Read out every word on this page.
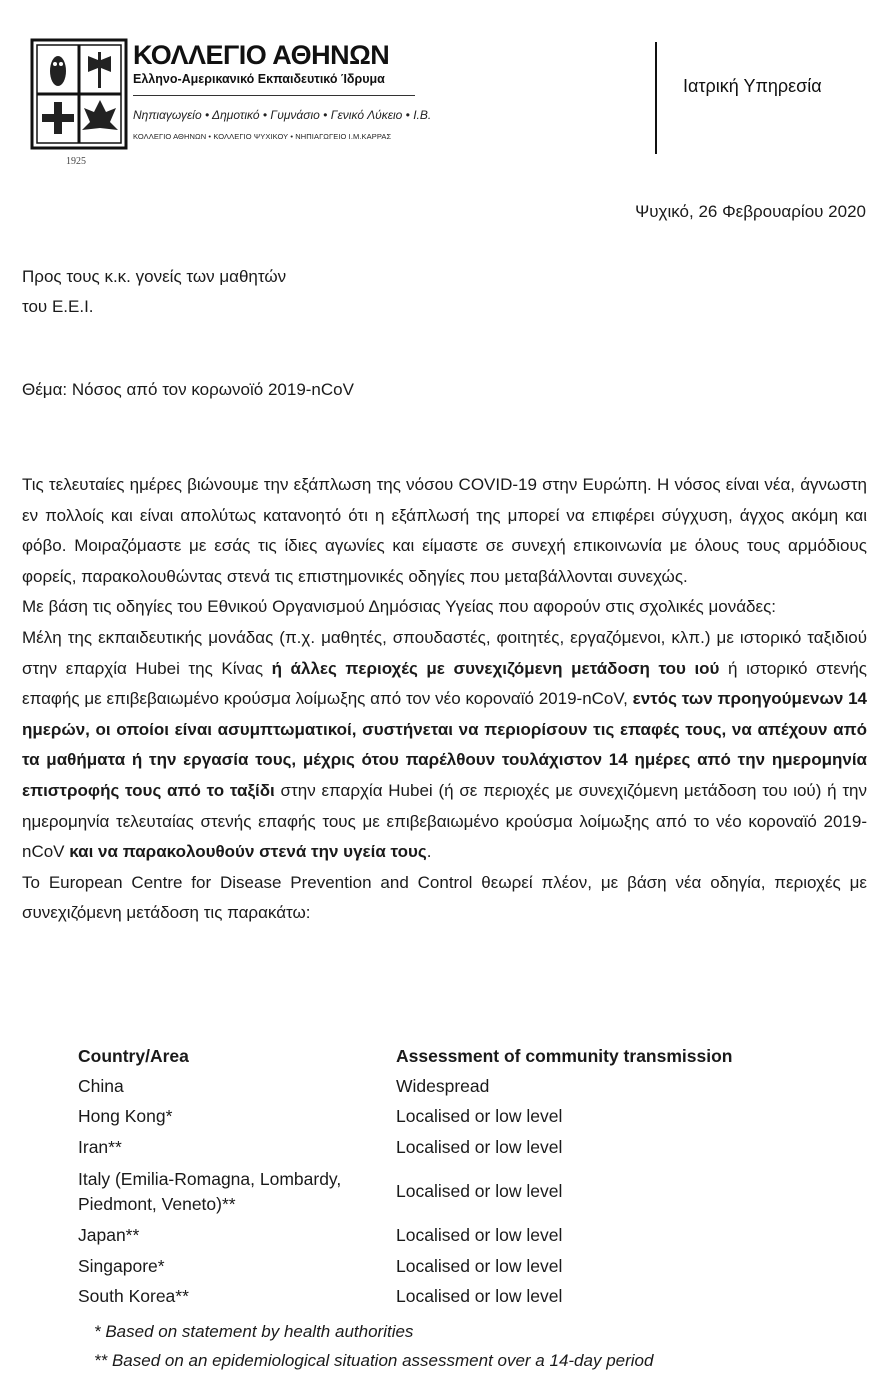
1925
ΚΟΛΛΕΓΙΟ ΑΘΗΝΩΝ
Ελληνο-Αμερικανικό Εκπαιδευτικό Ίδρυμα
Νηπιαγωγείο • Δημοτικό • Γυμνάσιο • Γενικό Λύκειο • Ι.Β.
ΚΟΛΛΕΓΙΟ ΑΘΗΝΩΝ • ΚΟΛΛΕΓΙΟ ΨΥΧΙΚΟΥ • ΝΗΠΙΑΓΩΓΕΙΟ Ι.Μ.ΚΑΡΡΑΣ
Ιατρική Υπηρεσία
Ψυχικό, 26 Φεβρουαρίου 2020
Προς τους κ.κ. γονείς των μαθητών
του Ε.Ε.Ι.
Θέμα: Νόσος από τον κορωνοϊό 2019-nCoV

Τις τελευταίες ημέρες βιώνουμε την εξάπλωση της νόσου COVID-19 στην Ευρώπη. Η νόσος είναι νέα, άγνωστη εν πολλοίς και είναι απολύτως κατανοητό ότι η εξάπλωσή της μπορεί να επιφέρει σύγχυση, άγχος ακόμη και φόβο. Μοιραζόμαστε με εσάς τις ίδιες αγωνίες και είμαστε σε συνεχή επικοινωνία με όλους τους αρμόδιους φορείς, παρακολουθώντας στενά τις επιστημονικές οδηγίες που μεταβάλλονται συνεχώς.

Με βάση τις οδηγίες του Εθνικού Οργανισμού Δημόσιας Υγείας που αφορούν στις σχολικές μονάδες:

Μέλη της εκπαιδευτικής μονάδας (π.χ. μαθητές, σπουδαστές, φοιτητές, εργαζόμενοι, κλπ.) με ιστορικό ταξιδιού στην επαρχία Hubei της Κίνας ή άλλες περιοχές με συνεχιζόμενη μετάδοση του ιού ή ιστορικό στενής επαφής με επιβεβαιωμένο κρούσμα λοίμωξης από τον νέο κοροναϊό 2019-nCoV, εντός των προηγούμενων 14 ημερών, οι οποίοι είναι ασυμπτωματικοί, συστήνεται να περιορίσουν τις επαφές τους, να απέχουν από τα μαθήματα ή την εργασία τους, μέχρις ότου παρέλθουν τουλάχιστον 14 ημέρες από την ημερομηνία επιστροφής τους από το ταξίδι στην επαρχία Hubei (ή σε περιοχές με συνεχιζόμενη μετάδοση του ιού) ή την ημερομηνία τελευταίας στενής επαφής τους με επιβεβαιωμένο κρούσμα λοίμωξης από το νέο κοροναϊό 2019-nCoV και να παρακολουθούν στενά την υγεία τους.

Το European Centre for Disease Prevention and Control θεωρεί πλέον, με βάση νέα οδηγία, περιοχές με συνεχιζόμενη μετάδοση τις παρακάτω:

Country/Area	Assessment of community transmission
China	Widespread
Hong Kong*	Localised or low level
Iran**	Localised or low level
Italy (Emilia-Romagna, Lombardy, Piedmont, Veneto)**	Localised or low level
Japan**	Localised or low level
Singapore*	Localised or low level
South Korea**	Localised or low level
* Based on statement by health authorities
** Based on an epidemiological situation assessment over a 14-day period
